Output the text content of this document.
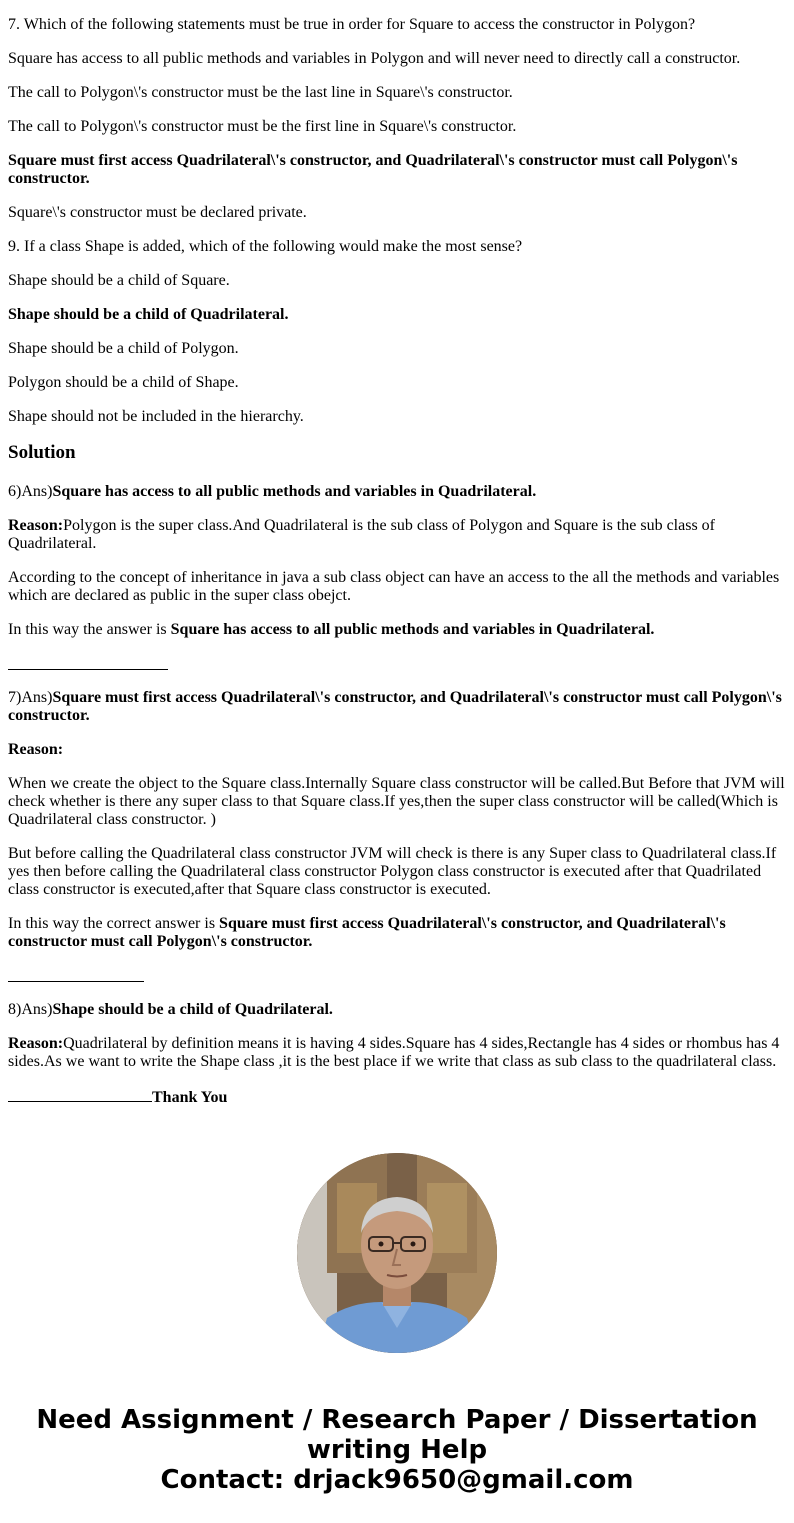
7. Which of the following statements must be true in order for Square to access the constructor in Polygon?

Square has access to all public methods and variables in Polygon and will never need to directly call a constructor.

The call to Polygon\'s constructor must be the last line in Square\'s constructor.

The call to Polygon\'s constructor must be the first line in Square\'s constructor.

Square must first access Quadrilateral\'s constructor, and Quadrilateral\'s constructor must call Polygon\'s constructor.

Square\'s constructor must be declared private.

9. If a class Shape is added, which of the following would make the most sense?

Shape should be a child of Square.

Shape should be a child of Quadrilateral.

Shape should be a child of Polygon.

Polygon should be a child of Shape.

Shape should not be included in the hierarchy.

Solution

6)Ans)Square has access to all public methods and variables in Quadrilateral.

Reason:Polygon is the super class.And Quadrilateral is the sub class of Polygon and Square is the sub class of Quadrilateral.

According to the concept of inheritance in java a sub class object can have an access to the all the methods and variables which are declared as public in the super class obejct.

In this way the answer is Square has access to all public methods and variables in Quadrilateral.

7)Ans)Square must first access Quadrilateral\'s constructor, and Quadrilateral\'s constructor must call Polygon\'s constructor.

Reason:

When we create the object to the Square class.Internally Square class constructor will be called.But Before that JVM will check whether is there any super class to that Square class.If yes,then the super class constructor will be called(Which is Quadrilateral class constructor. )

But before calling the Quadrilateral class constructor JVM will check is there is any Super class to Quadrilateral class.If yes then before calling the Quadrilateral class constructor Polygon class constructor is executed after that Quadrilated class constructor is executed,after that Square class constructor is executed.

In this way the correct answer is Square must first access Quadrilateral\'s constructor, and Quadrilateral\'s constructor must call Polygon\'s constructor.

8)Ans)Shape should be a child of Quadrilateral.

Reason:Quadrilateral by definition means it is having 4 sides.Square has 4 sides,Rectangle has 4 sides or rhombus has 4 sides.As we want to write the Shape class ,it is the best place if we write that class as sub class to the quadrilateral class.

Thank You

Need Assignment / Research Paper / Dissertation
writing Help
Contact: drjack9650@gmail.com
